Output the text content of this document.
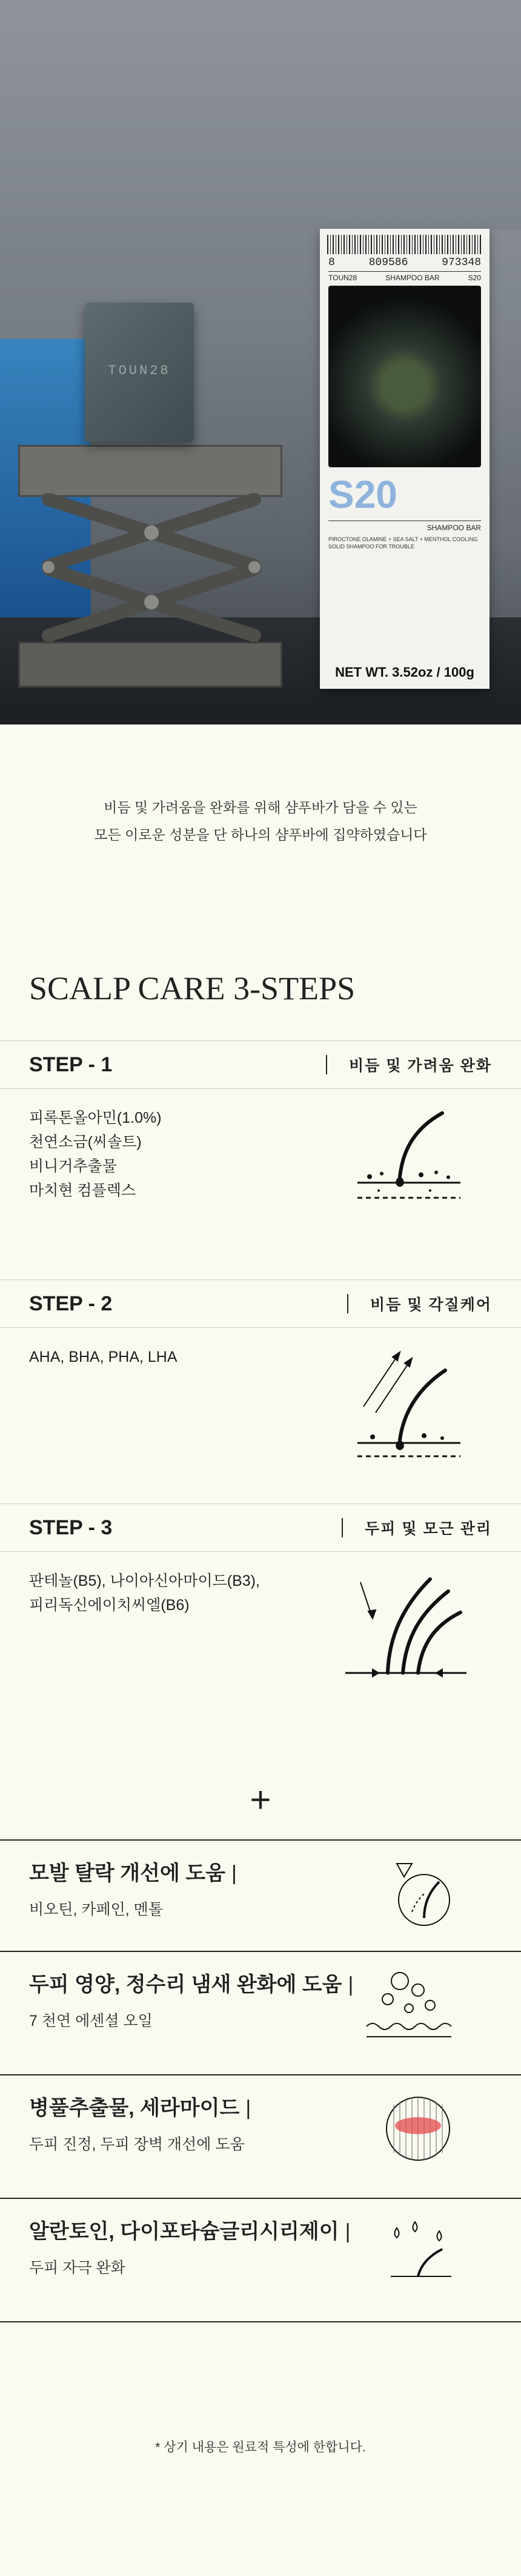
TOUN28
8	809586	973348
TOUN28	SHAMPOO BAR	S20
S20
SHAMPOO BAR
PIROCTONE OLAMINE + SEA SALT + MENTHOL COOLING SOLID SHAMPOO FOR TROUBLE
NET WT. 3.52oz / 100g
비듬 및 가려움을 완화를 위해 샴푸바가 담을 수 있는
모든 이로운 성분을 단 하나의 샴푸바에 집약하였습니다
SCALP CARE 3-STEPS
STEP - 1	비듬 및 가려움 완화
피록톤올아민(1.0%)
천연소금(씨솔트)
비니거추출물
마치현 컴플렉스
STEP - 2	비듬 및 각질케어
AHA, BHA, PHA, LHA
STEP - 3	두피 및 모근 관리
판테놀(B5), 나이아신아마이드(B3),
피리독신에이치씨엘(B6)
+
모발 탈락 개선에 도움 |
비오틴, 카페인, 멘톨
두피 영양, 정수리 냄새 완화에 도움 |
7 천연 에센셜 오일
병풀추출물, 세라마이드 |
두피 진정, 두피 장벽 개선에 도움
알란토인, 다이포타슘글리시리제이 |
두피 자극 완화
* 상기 내용은 원료적 특성에 한합니다.
